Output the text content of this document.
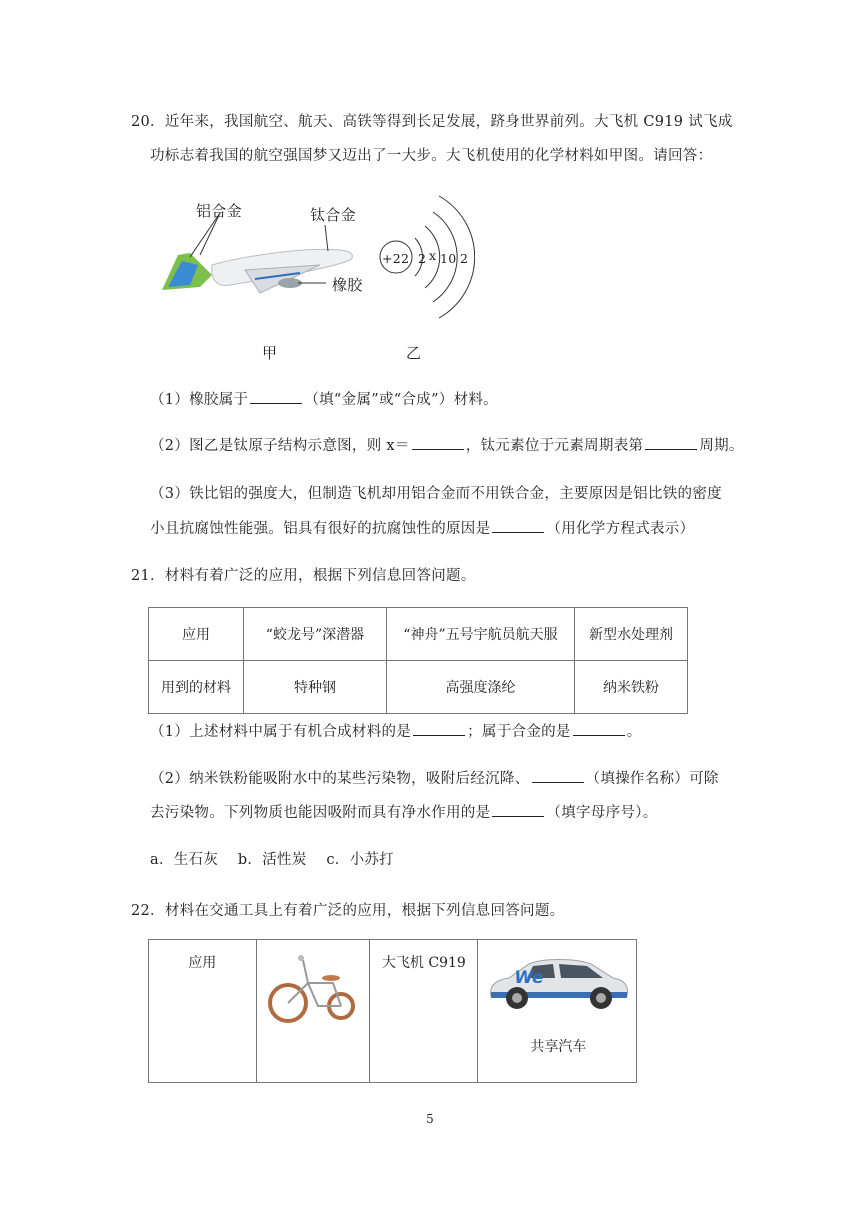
20．近年来，我国航空、航天、高铁等得到长足发展，跻身世界前列。大飞机 C919 试飞成
功标志着我国的航空强国梦又迈出了一大步。大飞机使用的化学材料如甲图。请回答：
铝合金	钛合金
橡胶
+22 2 x 10 2
甲	乙
（1）橡胶属于	（填“金属”或“合成”）材料。
（2）图乙是钛原子结构示意图，则 x＝	，钛元素位于元素周期表第	周期。
（3）铁比铝的强度大，但制造飞机却用铝合金而不用铁合金，主要原因是铝比铁的密度
小且抗腐蚀性能强。铝具有很好的抗腐蚀性的原因是	（用化学方程式表示）
21．材料有着广泛的应用，根据下列信息回答问题。
应用	“蛟龙号”深潜器	“神舟”五号宇航员航天服	新型水处理剂
用到的材料	特种钢	高强度涤纶	纳米铁粉
（1）上述材料中属于有机合成材料的是	；属于合金的是	。
（2）纳米铁粉能吸附水中的某些污染物，吸附后经沉降、	（填操作名称）可除
去污染物。下列物质也能因吸附而具有净水作用的是	（填字母序号）。
a．生石灰　 b．活性炭　 c．小苏打
22．材料在交通工具上有着广泛的应用，根据下列信息回答问题。
应用		大飞机 C919	
We
共享汽车
5
